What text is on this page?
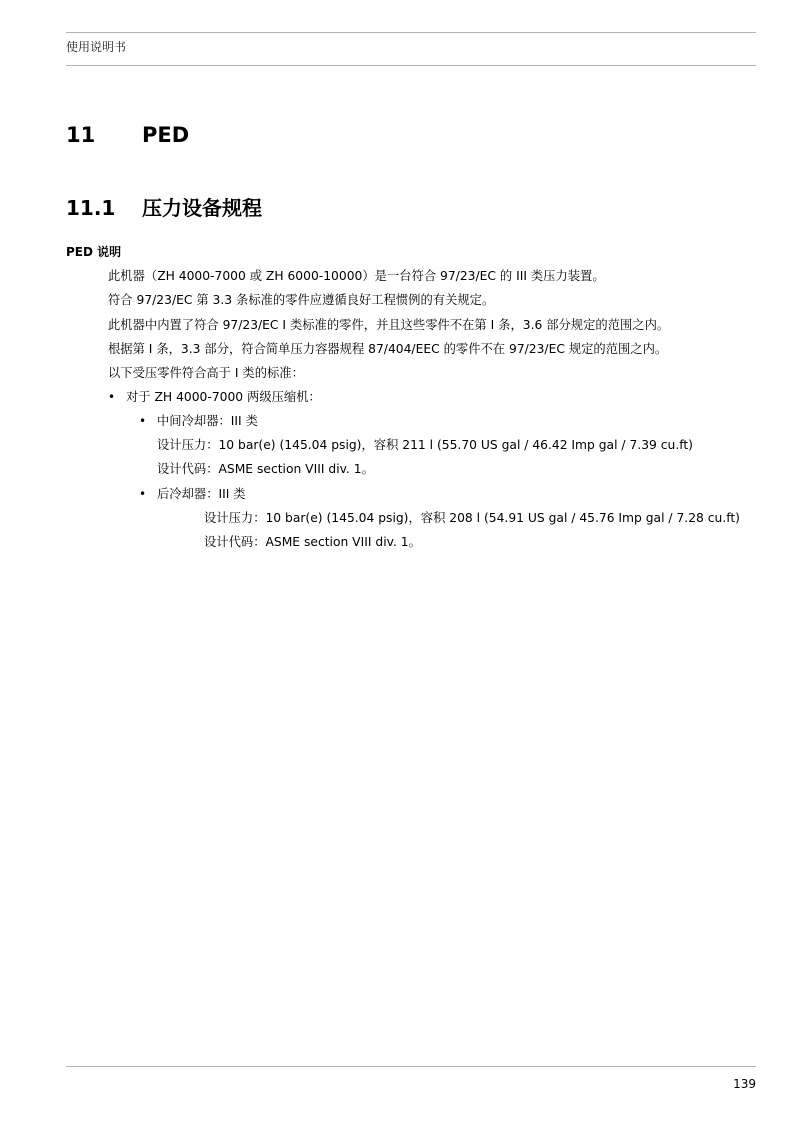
使用说明书
11 PED
11.1 压力设备规程
PED 说明
此机器（ZH 4000-7000 或 ZH 6000-10000）是一台符合 97/23/EC 的 III 类压力装置。
符合 97/23/EC 第 3.3 条标准的零件应遵循良好工程惯例的有关规定。
此机器中内置了符合 97/23/EC I 类标准的零件，并且这些零件不在第 I 条，3.6 部分规定的范围之内。
根据第 I 条，3.3 部分，符合简单压力容器规程 87/404/EEC 的零件不在 97/23/EC 规定的范围之内。
以下受压零件符合高于 I 类的标准：
• 对于 ZH 4000-7000 两级压缩机：
• 中间冷却器：III 类
设计压力：10 bar(e) (145.04 psig)，容积 211 l (55.70 US gal / 46.42 Imp gal / 7.39 cu.ft)
设计代码：ASME section VIII div. 1。
• 后冷却器：III 类
设计压力：10 bar(e) (145.04 psig)，容积 208 l (54.91 US gal / 45.76 Imp gal / 7.28 cu.ft)
设计代码：ASME section VIII div. 1。
139
